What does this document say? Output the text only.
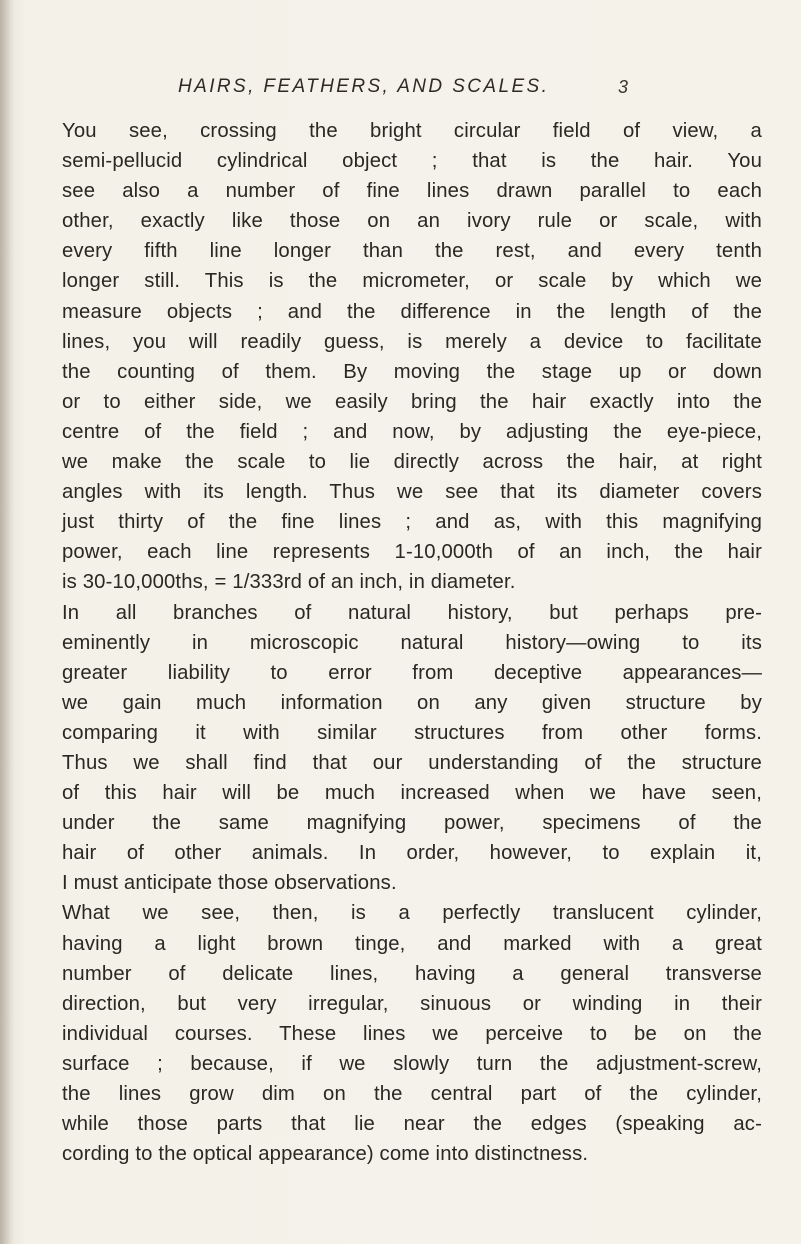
HAIRS, FEATHERS, AND SCALES.	3
You see, crossing the bright circular field of view, a
semi-pellucid cylindrical object ; that is the hair. You
see also a number of fine lines drawn parallel to each
other, exactly like those on an ivory rule or scale, with
every fifth line longer than the rest, and every tenth
longer still. This is the micrometer, or scale by which we
measure objects ; and the difference in the length of the
lines, you will readily guess, is merely a device to facilitate
the counting of them. By moving the stage up or down
or to either side, we easily bring the hair exactly into the
centre of the field ; and now, by adjusting the eye-piece,
we make the scale to lie directly across the hair, at right
angles with its length. Thus we see that its diameter covers
just thirty of the fine lines ; and as, with this magnifying
power, each line represents 1-10,000th of an inch, the hair
is 30-10,000ths, = 1/333rd of an inch, in diameter.
In all branches of natural history, but perhaps pre-
eminently in microscopic natural history—owing to its
greater liability to error from deceptive appearances—
we gain much information on any given structure by
comparing it with similar structures from other forms.
Thus we shall find that our understanding of the structure
of this hair will be much increased when we have seen,
under the same magnifying power, specimens of the
hair of other animals. In order, however, to explain it,
I must anticipate those observations.
What we see, then, is a perfectly translucent cylinder,
having a light brown tinge, and marked with a great
number of delicate lines, having a general transverse
direction, but very irregular, sinuous or winding in their
individual courses. These lines we perceive to be on the
surface ; because, if we slowly turn the adjustment-screw,
the lines grow dim on the central part of the cylinder,
while those parts that lie near the edges (speaking ac-
cording to the optical appearance) come into distinctness.
